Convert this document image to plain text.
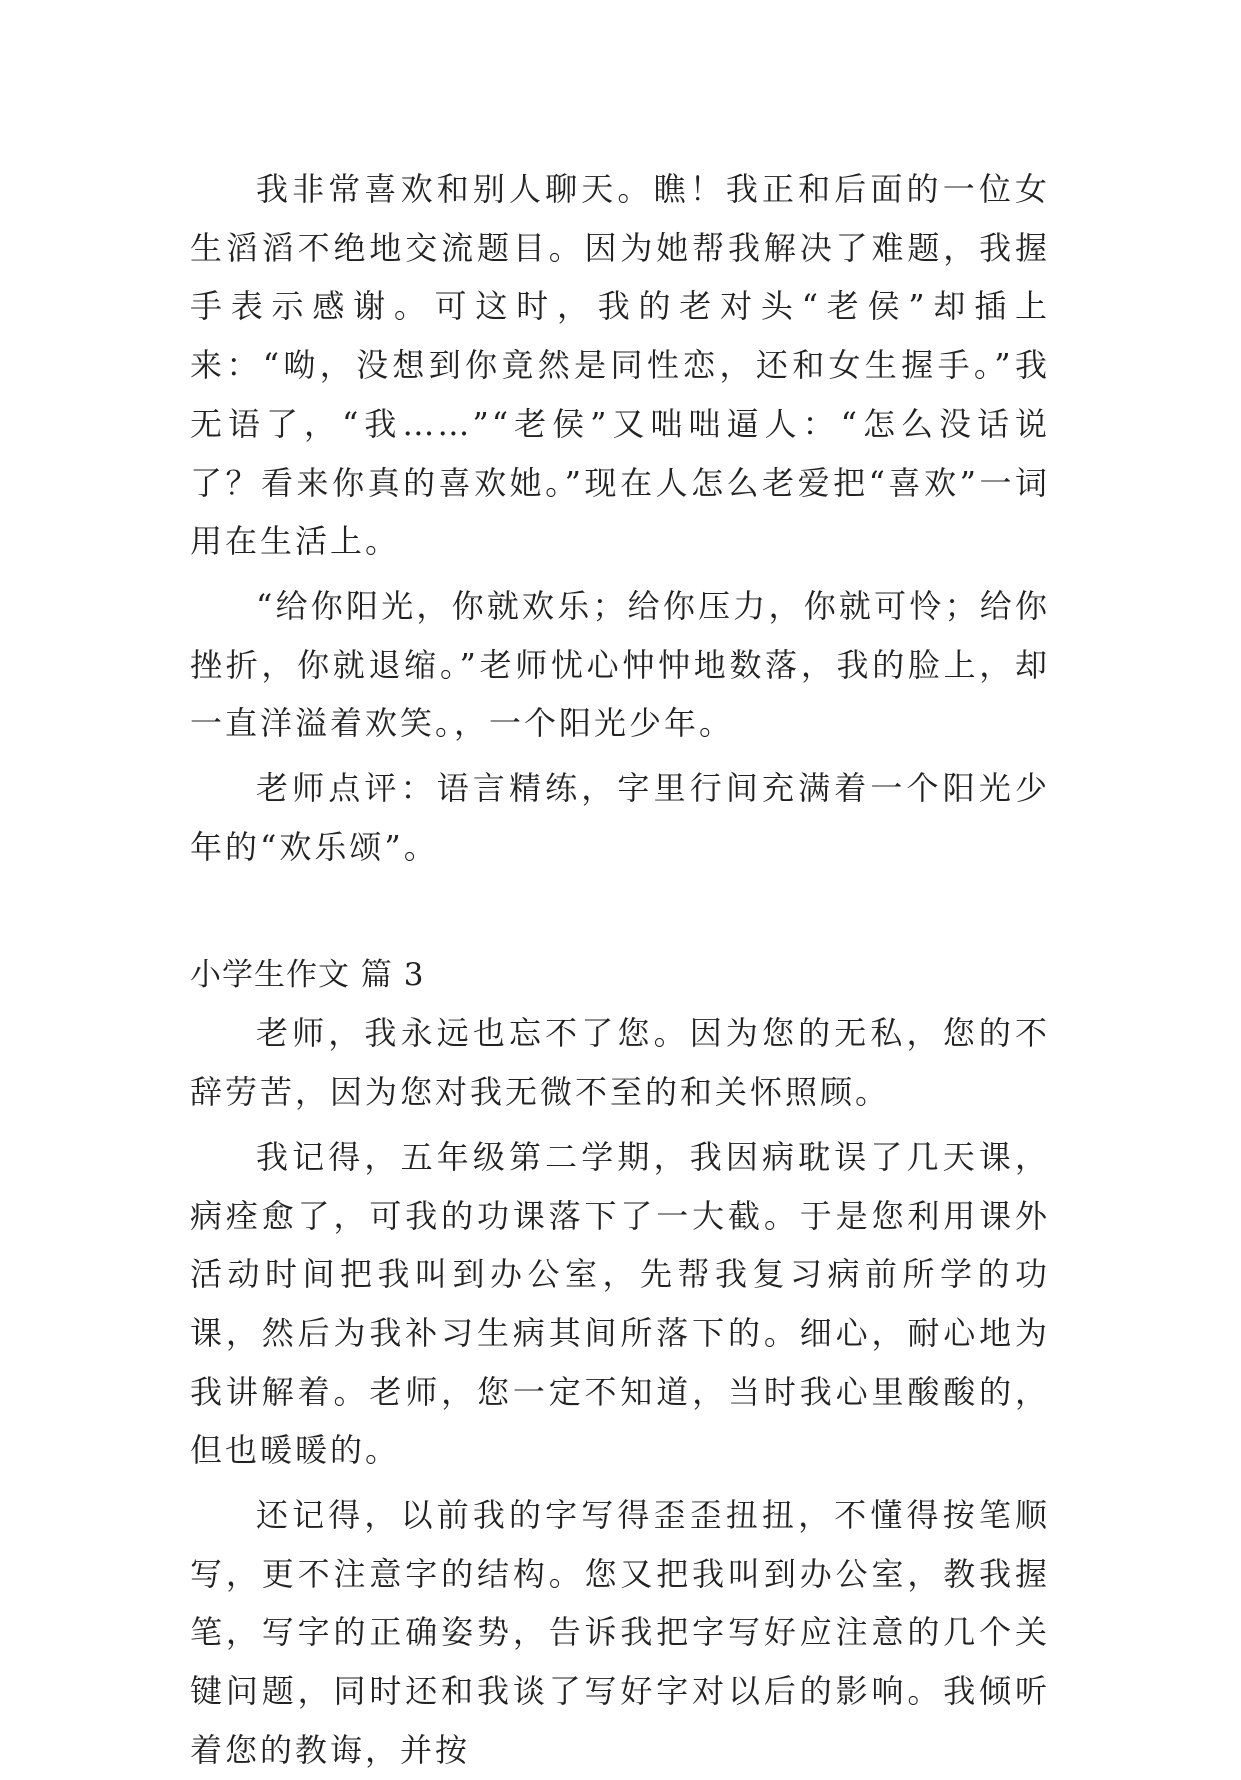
我非常喜欢和别人聊天。瞧！我正和后面的一位女生滔滔不绝地交流题目。因为她帮我解决了难题，我握手表示感谢。可这时，我的老对头“老侯”却插上来：“呦，没想到你竟然是同性恋，还和女生握手。”我无语了，“我……”“老侯”又咄咄逼人：“怎么没话说了？看来你真的喜欢她。”现在人怎么老爱把“喜欢”一词用在生活上。

“给你阳光，你就欢乐；给你压力，你就可怜；给你挫折，你就退缩。”老师忧心忡忡地数落，我的脸上，却一直洋溢着欢笑。，一个阳光少年。

老师点评：语言精练，字里行间充满着一个阳光少年的“欢乐颂”。

小学生作文 篇 3

老师，我永远也忘不了您。因为您的无私，您的不辞劳苦，因为您对我无微不至的和关怀照顾。

我记得，五年级第二学期，我因病耽误了几天课，病痊愈了，可我的功课落下了一大截。于是您利用课外活动时间把我叫到办公室，先帮我复习病前所学的功课，然后为我补习生病其间所落下的。细心，耐心地为我讲解着。老师，您一定不知道，当时我心里酸酸的，但也暖暖的。

还记得，以前我的字写得歪歪扭扭，不懂得按笔顺写，更不注意字的结构。您又把我叫到办公室，教我握笔，写字的正确姿势，告诉我把字写好应注意的几个关键问题，同时还和我谈了写好字对以后的影响。我倾听着您的教诲，并按
